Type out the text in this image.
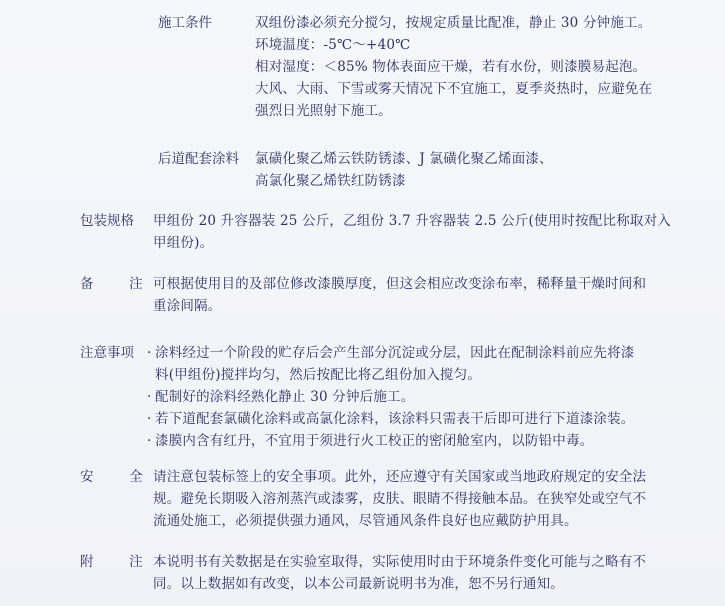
施工条件	双组份漆必须充分搅匀，按规定质量比配准，静止 30 分钟施工。
环境温度：-5℃～+40℃
相对湿度：＜85% 物体表面应干燥，若有水份，则漆膜易起泡。
大风、大雨、下雪或雾天情况下不宜施工，夏季炎热时，应避免在
强烈日光照射下施工。
后道配套涂料 氯磺化聚乙烯云铁防锈漆、J 氯磺化聚乙烯面漆、
高氯化聚乙烯铁红防锈漆
包装规格 甲组份 20 升容器装 25 公斤，乙组份 3.7 升容器装 2.5 公斤(使用时按配比称取对入
甲组份)。
备  注 可根据使用目的及部位修改漆膜厚度，但这会相应改变涂布率，稀释量干燥时间和
重涂间隔。
注意事项 · 涂料经过一个阶段的贮存后会产生部分沉淀或分层，因此在配制涂料前应先将漆
料(甲组份)搅拌均匀，然后按配比将乙组份加入搅匀。
· 配制好的涂料经熟化静止 30 分钟后施工。
· 若下道配套氯磺化涂料或高氯化涂料，该涂料只需表干后即可进行下道漆涂装。
· 漆膜内含有红丹，不宜用于须进行火工校正的密闭舱室内，以防铅中毒。
安  全 请注意包装标签上的安全事项。此外，还应遵守有关国家或当地政府规定的安全法
规。避免长期吸入溶剂蒸汽或漆雾，皮肤、眼睛不得接触本品。在狭窄处或空气不
流通处施工，必须提供强力通风，尽管通风条件良好也应戴防护用具。
附  注 本说明书有关数据是在实验室取得，实际使用时由于环境条件变化可能与之略有不
同。以上数据如有改变，以本公司最新说明书为准，恕不另行通知。
